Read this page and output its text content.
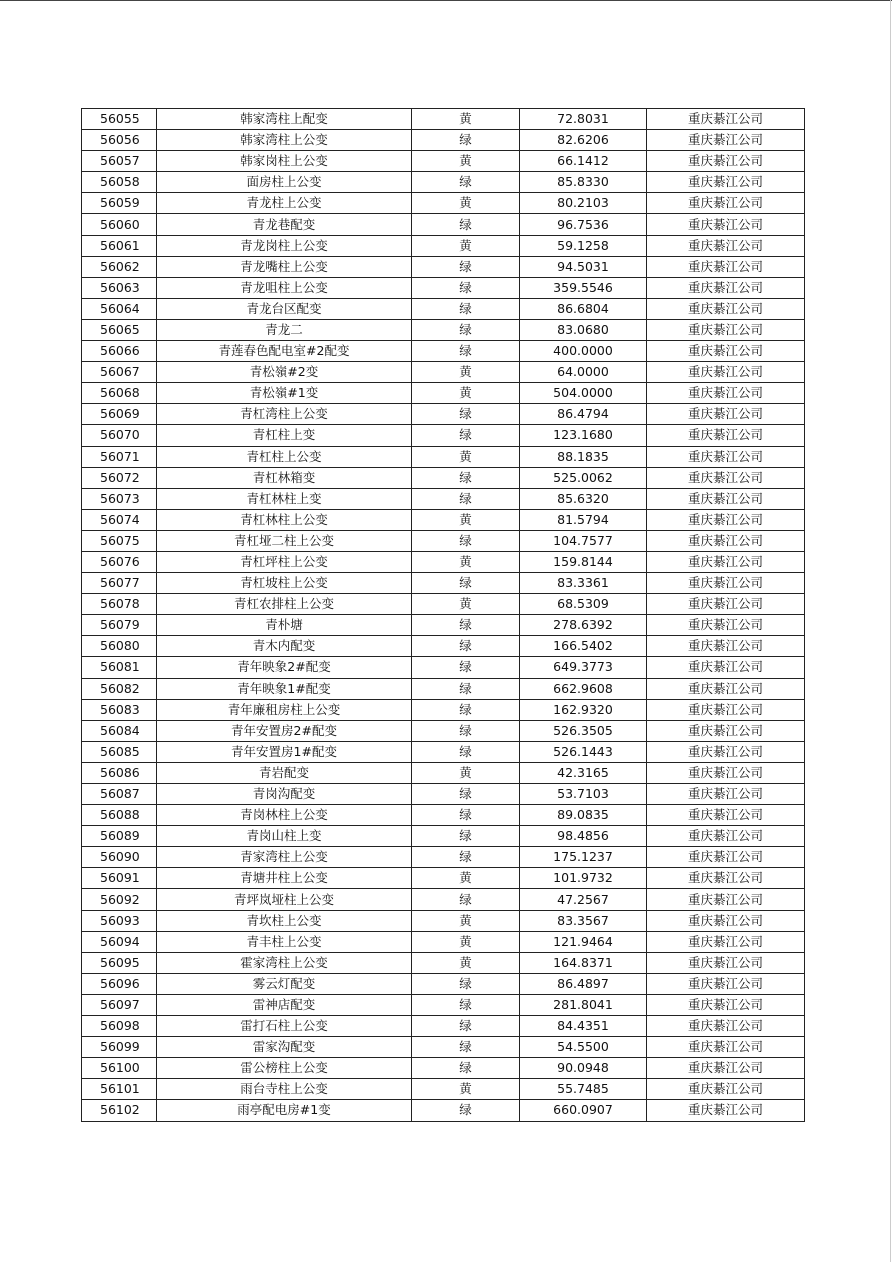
56055	韩家湾柱上配变	黄	72.8031	重庆綦江公司
56056	韩家湾柱上公变	绿	82.6206	重庆綦江公司
56057	韩家岗柱上公变	黄	66.1412	重庆綦江公司
56058	面房柱上公变	绿	85.8330	重庆綦江公司
56059	青龙柱上公变	黄	80.2103	重庆綦江公司
56060	青龙巷配变	绿	96.7536	重庆綦江公司
56061	青龙岗柱上公变	黄	59.1258	重庆綦江公司
56062	青龙嘴柱上公变	绿	94.5031	重庆綦江公司
56063	青龙咀柱上公变	绿	359.5546	重庆綦江公司
56064	青龙台区配变	绿	86.6804	重庆綦江公司
56065	青龙二	绿	83.0680	重庆綦江公司
56066	青莲春色配电室#2配变	绿	400.0000	重庆綦江公司
56067	青松嶺#2变	黄	64.0000	重庆綦江公司
56068	青松嶺#1变	黄	504.0000	重庆綦江公司
56069	青杠湾柱上公变	绿	86.4794	重庆綦江公司
56070	青杠柱上变	绿	123.1680	重庆綦江公司
56071	青杠柱上公变	黄	88.1835	重庆綦江公司
56072	青杠林箱变	绿	525.0062	重庆綦江公司
56073	青杠林柱上变	绿	85.6320	重庆綦江公司
56074	青杠林柱上公变	黄	81.5794	重庆綦江公司
56075	青杠垭二柱上公变	绿	104.7577	重庆綦江公司
56076	青杠坪柱上公变	黄	159.8144	重庆綦江公司
56077	青杠坡柱上公变	绿	83.3361	重庆綦江公司
56078	青杠农排柱上公变	黄	68.5309	重庆綦江公司
56079	青朴塘	绿	278.6392	重庆綦江公司
56080	青木内配变	绿	166.5402	重庆綦江公司
56081	青年映象2#配变	绿	649.3773	重庆綦江公司
56082	青年映象1#配变	绿	662.9608	重庆綦江公司
56083	青年廉租房柱上公变	绿	162.9320	重庆綦江公司
56084	青年安置房2#配变	绿	526.3505	重庆綦江公司
56085	青年安置房1#配变	绿	526.1443	重庆綦江公司
56086	青岩配变	黄	42.3165	重庆綦江公司
56087	青岗沟配变	绿	53.7103	重庆綦江公司
56088	青岗林柱上公变	绿	89.0835	重庆綦江公司
56089	青岗山柱上变	绿	98.4856	重庆綦江公司
56090	青家湾柱上公变	绿	175.1237	重庆綦江公司
56091	青塘井柱上公变	黄	101.9732	重庆綦江公司
56092	青坪岚垭柱上公变	绿	47.2567	重庆綦江公司
56093	青坎柱上公变	黄	83.3567	重庆綦江公司
56094	青丰柱上公变	黄	121.9464	重庆綦江公司
56095	霍家湾柱上公变	黄	164.8371	重庆綦江公司
56096	雾云灯配变	绿	86.4897	重庆綦江公司
56097	雷神店配变	绿	281.8041	重庆綦江公司
56098	雷打石柱上公变	绿	84.4351	重庆綦江公司
56099	雷家沟配变	绿	54.5500	重庆綦江公司
56100	雷公榜柱上公变	绿	90.0948	重庆綦江公司
56101	雨台寺柱上公变	黄	55.7485	重庆綦江公司
56102	雨亭配电房#1变	绿	660.0907	重庆綦江公司
